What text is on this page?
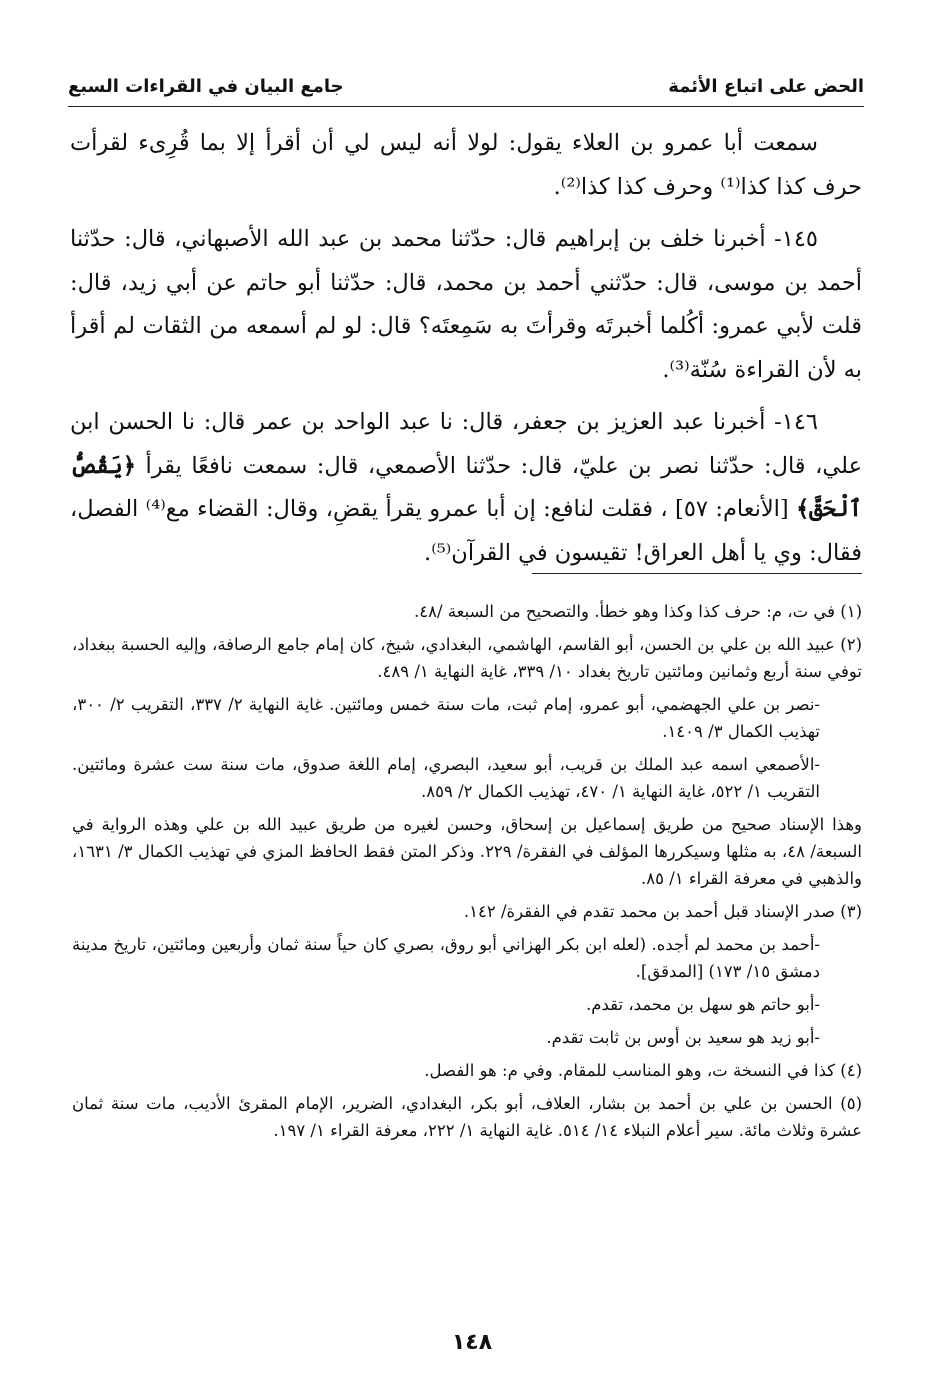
الحض على اتباع الأئمة
جامع البيان في القراءات السبع

سمعت أبا عمرو بن العلاء يقول: لولا أنه ليس لي أن أقرأ إلا بما قُرِىء لقرأت حرف كذا كذا⁽¹⁾ وحرف كذا كذا⁽²⁾.

١٤٥- أخبرنا خلف بن إبراهيم قال: حدّثنا محمد بن عبد الله الأصبهاني، قال: حدّثنا أحمد بن موسى، قال: حدّثني أحمد بن محمد، قال: حدّثنا أبو حاتم عن أبي زيد، قال: قلت لأبي عمرو: أكُلما أخبرتَه وقرأتَ به سَمِعتَه؟ قال: لو لم أسمعه من الثقات لم أقرأ به لأن القراءة سُنّة⁽³⁾.

١٤٦- أخبرنا عبد العزيز بن جعفر، قال: نا عبد الواحد بن عمر قال: نا الحسن ابن علي، قال: حدّثنا نصر بن عليّ، قال: حدّثنا الأصمعي، قال: سمعت نافعًا يقرأ ﴿يَقُصُّ ٱلْحَقَّ﴾ [الأنعام: ٥٧] ، فقلت لنافع: إن أبا عمرو يقرأ يقضِ، وقال: القضاء مع⁽⁴⁾ الفصل، فقال: وي يا أهل العراق! تقيسون في القرآن⁽⁵⁾.

(١) في ت، م: حرف كذا وكذا وهو خطأ. والتصحيح من السبعة /٤٨.

(٢) عبيد الله بن علي بن الحسن، أبو القاسم، الهاشمي، البغدادي، شيخ، كان إمام جامع الرصافة، وإليه الحسبة ببغداد، توفي سنة أربع وثمانين ومائتين تاريخ بغداد ١٠/ ٣٣٩، غاية النهاية ١/ ٤٨٩.

-نصر بن علي الجهضمي، أبو عمرو، إمام ثبت، مات سنة خمس ومائتين. غاية النهاية ٢/ ٣٣٧، التقريب ٢/ ٣٠٠، تهذيب الكمال ٣/ ١٤٠٩.

-الأصمعي اسمه عبد الملك بن قريب، أبو سعيد، البصري، إمام اللغة صدوق، مات سنة ست عشرة ومائتين. التقريب ١/ ٥٢٢، غاية النهاية ١/ ٤٧٠، تهذيب الكمال ٢/ ٨٥٩.

وهذا الإسناد صحيح من طريق إسماعيل بن إسحاق، وحسن لغيره من طريق عبيد الله بن علي وهذه الرواية في السبعة/ ٤٨، به مثلها وسيكررها المؤلف في الفقرة/ ٢٢٩. وذكر المتن فقط الحافظ المزي في تهذيب الكمال ٣/ ١٦٣١، والذهبي في معرفة القراء ١/ ٨٥.

(٣) صدر الإسناد قبل أحمد بن محمد تقدم في الفقرة/ ١٤٢.

-أحمد بن محمد لم أجده. (لعله ابن بكر الهزاني أبو روق، بصري كان حياً سنة ثمان وأربعين ومائتين، تاريخ مدينة دمشق ١٥/ ١٧٣) [المدقق].

-أبو حاتم هو سهل بن محمد، تقدم.

-أبو زيد هو سعيد بن أوس بن ثابت تقدم.

(٤) كذا في النسخة ت، وهو المناسب للمقام. وفي م: هو الفصل.

(٥) الحسن بن علي بن أحمد بن بشار، العلاف، أبو بكر، البغدادي، الضرير، الإمام المقرئ الأديب، مات سنة ثمان عشرة وثلاث مائة. سير أعلام النبلاء ١٤/ ٥١٤. غاية النهاية ١/ ٢٢٢، معرفة القراء ١/ ١٩٧.

١٤٨
